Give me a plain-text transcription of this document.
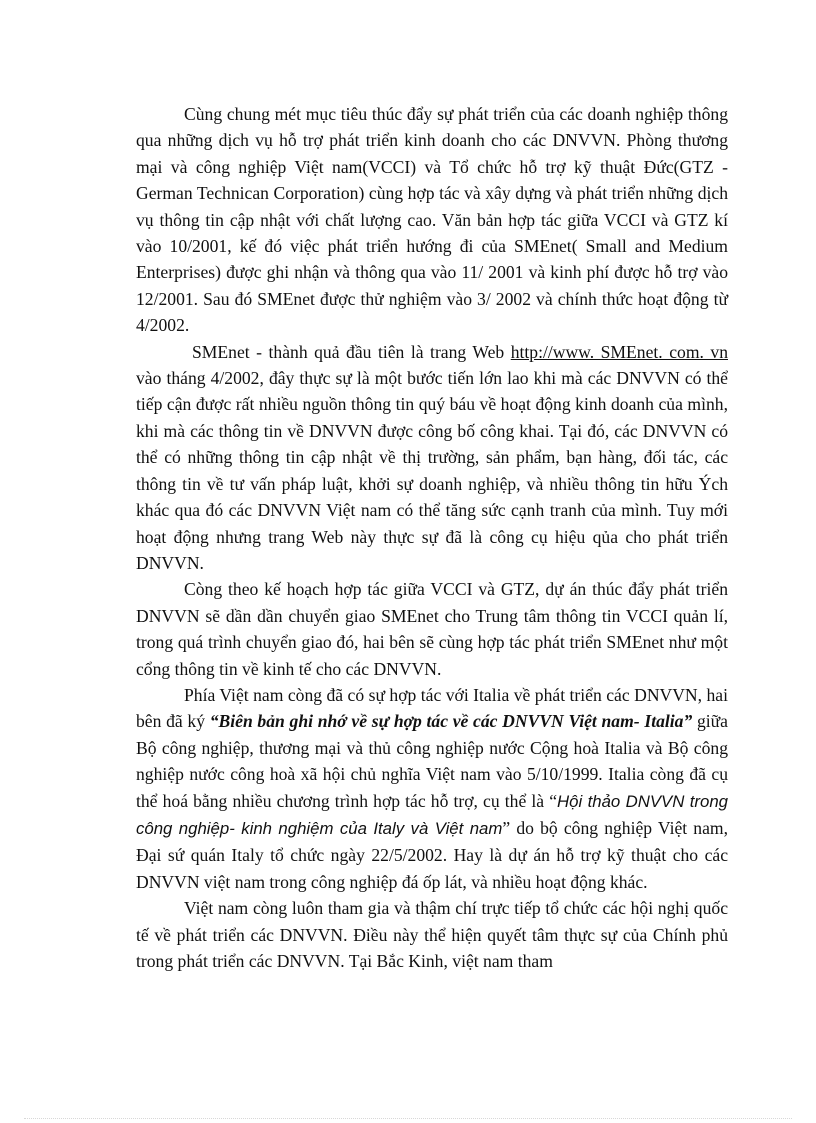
Cùng chung mét mục tiêu thúc đẩy sự phát triển của các doanh nghiệp thông qua những dịch vụ hỗ trợ phát triển kinh doanh cho các DNVVN. Phòng thương mại và công nghiệp Việt nam(VCCI) và Tổ chức hỗ trợ kỹ thuật Đức(GTZ - German Technican Corporation) cùng hợp tác và xây dựng và phát triển những dịch vụ thông tin cập nhật với chất lượng cao. Văn bản hợp tác giữa VCCI và GTZ kí vào 10/2001, kế đó việc phát triển hướng đi của SMEnet( Small and Medium Enterprises) được ghi nhận và thông qua vào 11/ 2001 và kinh phí được hỗ trợ vào 12/2001. Sau đó SMEnet được thử nghiệm vào 3/ 2002 và chính thức hoạt động từ 4/2002.

SMEnet - thành quả đầu tiên là trang Web http://www. SMEnet. com. vn vào tháng 4/2002, đây thực sự là một bước tiến lớn lao khi mà các DNVVN có thể tiếp cận được rất nhiều nguồn thông tin quý báu về hoạt động kinh doanh của mình, khi mà các thông tin về DNVVN được công bố công khai. Tại đó, các DNVVN có thể có những thông tin cập nhật về thị trường, sản phẩm, bạn hàng, đối tác, các thông tin về tư vấn pháp luật, khởi sự doanh nghiệp, và nhiều thông tin hữu Ých khác qua đó các DNVVN Việt nam có thể tăng sức cạnh tranh của mình. Tuy mới hoạt động nhưng trang Web này thực sự đã là công cụ hiệu qủa cho phát triển DNVVN.

Còng theo kế hoạch hợp tác giữa VCCI và GTZ, dự án thúc đẩy phát triển DNVVN sẽ dần dần chuyển giao SMEnet cho Trung tâm thông tin VCCI quản lí, trong quá trình chuyển giao đó, hai bên sẽ cùng hợp tác phát triển SMEnet như một cổng thông tin về kinh tế cho các DNVVN.

Phía Việt nam còng đã có sự hợp tác với Italia về phát triển các DNVVN, hai bên đã ký “Biên bản ghi nhớ về sự hợp tác về các DNVVN Việt nam- Italia” giữa Bộ công nghiệp, thương mại và thủ công nghiệp nước Cộng hoà Italia và Bộ công nghiệp nước công hoà xã hội chủ nghĩa Việt nam vào 5/10/1999. Italia còng đã cụ thể hoá bằng nhiều chương trình hợp tác hỗ trợ, cụ thể là “Hội thảo DNVVN trong công nghiệp- kinh nghiệm của Italy và Việt nam” do bộ công nghiệp Việt nam, Đại sứ quán Italy tổ chức ngày 22/5/2002. Hay là dự án hỗ trợ kỹ thuật cho các DNVVN việt nam trong công nghiệp đá ốp lát, và nhiều hoạt động khác.

Việt nam còng luôn tham gia và thậm chí trực tiếp tổ chức các hội nghị quốc tế về phát triển các DNVVN. Điều này thể hiện quyết tâm thực sự của Chính phủ trong phát triển các DNVVN. Tại Bắc Kinh, việt nam tham
